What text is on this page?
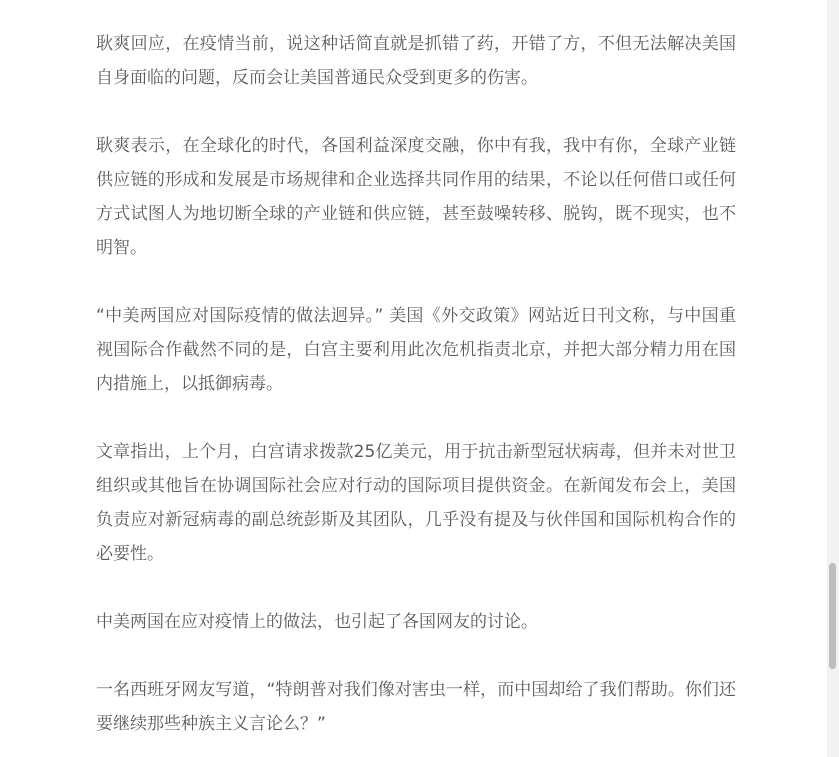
耿爽回应，在疫情当前，说这种话简直就是抓错了药，开错了方，不但无法解决美国自身面临的问题，反而会让美国普通民众受到更多的伤害。

耿爽表示，在全球化的时代，各国利益深度交融，你中有我，我中有你，全球产业链供应链的形成和发展是市场规律和企业选择共同作用的结果，不论以任何借口或任何方式试图人为地切断全球的产业链和供应链，甚至鼓噪转移、脱钩，既不现实，也不明智。

“中美两国应对国际疫情的做法迥异。” 美国《外交政策》网站近日刊文称，与中国重视国际合作截然不同的是，白宫主要利用此次危机指责北京，并把大部分精力用在国内措施上，以抵御病毒。

文章指出，上个月，白宫请求拨款25亿美元，用于抗击新型冠状病毒，但并未对世卫组织或其他旨在协调国际社会应对行动的国际项目提供资金。在新闻发布会上，美国负责应对新冠病毒的副总统彭斯及其团队，几乎没有提及与伙伴国和国际机构合作的必要性。

中美两国在应对疫情上的做法，也引起了各国网友的讨论。

一名西班牙网友写道，“特朗普对我们像对害虫一样，而中国却给了我们帮助。你们还要继续那些种族主义言论么？”
